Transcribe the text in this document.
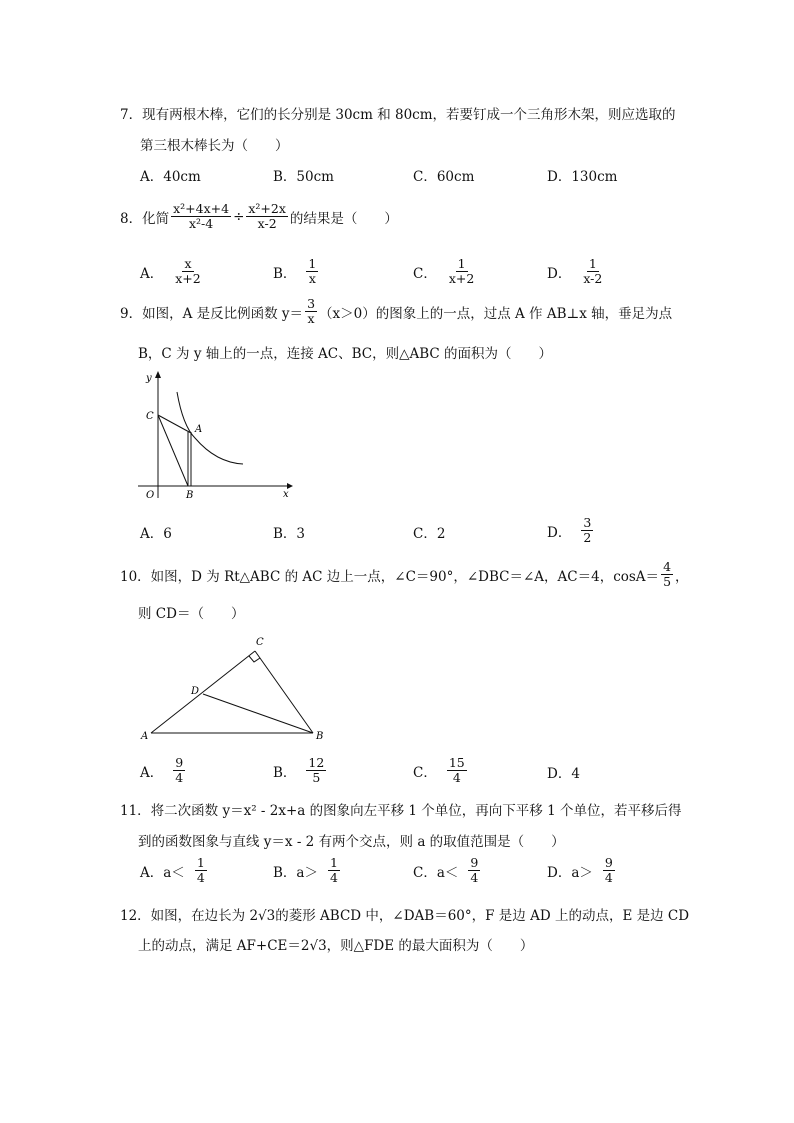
7．现有两根木棒，它们的长分别是 30cm 和 80cm，若要钉成一个三角形木架，则应选取的
第三根木棒长为（　　）
A．40cm	B．50cm	C．60cm	D．130cm
8．化简 $\frac{\text{x²+4x+4}}{\text{x²-4}} \div \frac{\text{x²+2x}}{x-2}$ 的结果是（　　）
A． $\frac{x}{x+2}$	B． $\frac{1}{x}$	C． $\frac{1}{x+2}$	D． $\frac{1}{x-2}$
9．如图，A 是反比例函数 $y= \frac{3}{x} (x>0)$的图象上的一点，过点 A 作 AB⊥x 轴，垂足为点
B，C 为 y 轴上的一点，连接 AC、BC，则△ABC 的面积为（　　）
y
x
O
A
B
C
A．6	B．3	C．2	D． $\frac{3}{2}$
10．如图，D 为 Rt△ABC 的 AC 边上一点，∠C＝90°，∠DBC＝∠A，AC＝4，$\cos A= \frac{4}{5}$ ，
则 CD＝（　　）
A	B
C
D
A． $\frac{9}{4}$	B． $\frac{12}{5}$	C． $\frac{15}{4}$	D．4
11．将二次函数 y＝x² - 2x+a 的图象向左平移 1 个单位，再向下平移 1 个单位，若平移后得
到的函数图象与直线 y＝x - 2 有两个交点，则 a 的取值范围是（　　）
A．$a< \frac{1}{4}$	B．$a> \frac{1}{4}$	C．$a< \frac{9}{4}$	D．$a> \frac{9}{4}$
12．如图，在边长为 2√3的菱形 ABCD 中，∠DAB＝60°，F 是边 AD 上的动点，E 是边 CD
上的动点，满足 AF+CE＝2√3，则△FDE 的最大面积为（　　）
